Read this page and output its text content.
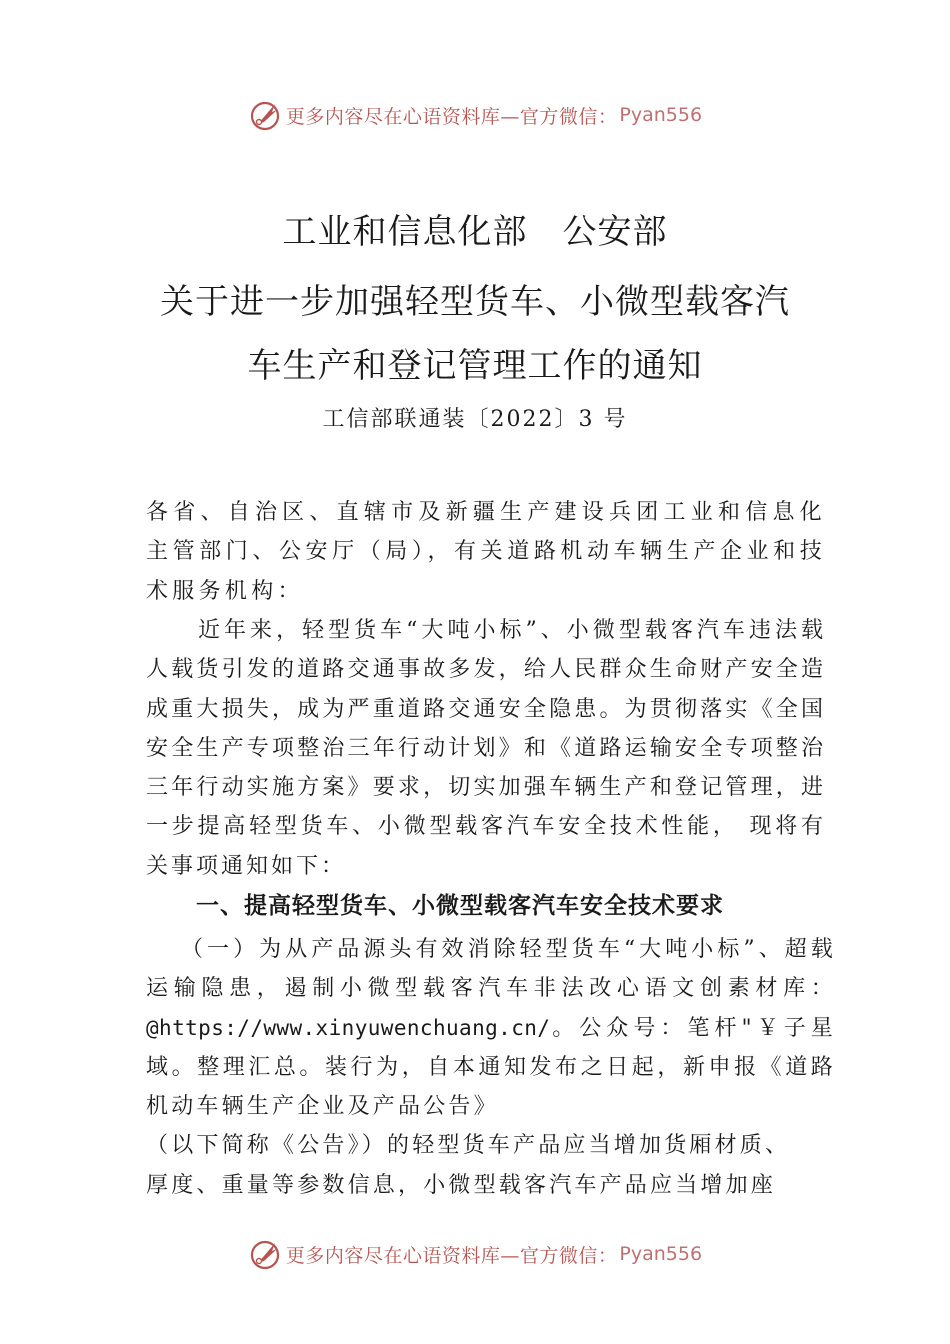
更多内容尽在心语资料库—官方微信： Pyan556
工业和信息化部　公安部
关于进一步加强轻型货车、小微型载客汽
车生产和登记管理工作的通知
工信部联通装〔2022〕3 号
各省、自治区、直辖市及新疆生产建设兵团工业和信息化主管部门、公安厅（局），有关道路机动车辆生产企业和技术服务机构：
近年来，轻型货车“大吨小标”、小微型载客汽车违法载人载货引发的道路交通事故多发，给人民群众生命财产安全造成重大损失，成为严重道路交通安全隐患。为贯彻落实《全国安全生产专项整治三年行动计划》和《道路运输安全专项整治三年行动实施方案》要求，切实加强车辆生产和登记管理，进一步提高轻型货车、小微型载客汽车安全技术性能， 现将有关事项通知如下：
一、提高轻型货车、小微型载客汽车安全技术要求
（一）为从产品源头有效消除轻型货车“大吨小标”、超载运输隐患，遏制小微型载客汽车非法改心语文创素材库：@https://www.xinyuwenchuang.cn/。公众号：笔杆"￥子星域。整理汇总。装行为，自本通知发布之日起，新申报《道路机动车辆生产企业及产品公告》
（以下简称《公告》）的轻型货车产品应当增加货厢材质、
厚度、重量等参数信息，小微型载客汽车产品应当增加座
更多内容尽在心语资料库—官方微信： Pyan556
